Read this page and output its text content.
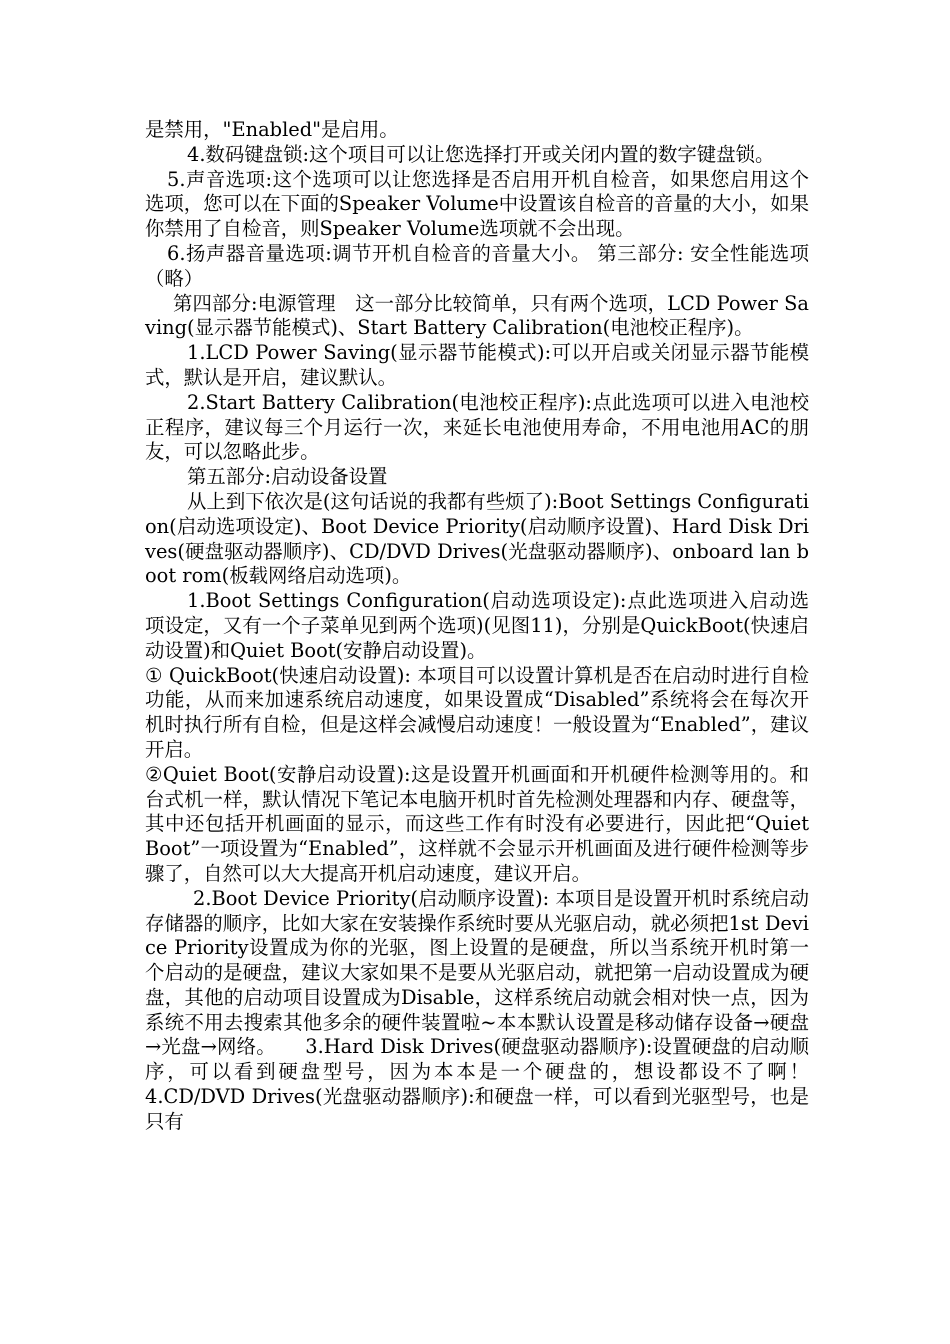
是禁用，"Enabled"是启用。

4.数码键盘锁:这个项目可以让您选择打开或关闭内置的数字键盘锁。

5.声音选项:这个选项可以让您选择是否启用开机自检音，如果您启用这个选项，您可以在下面的Speaker Volume中设置该自检音的音量的大小，如果你禁用了自检音，则Speaker Volume选项就不会出现。

6.扬声器音量选项:调节开机自检音的音量大小。 第三部分: 安全性能选项（略）

第四部分:电源管理　这一部分比较简单，只有两个选项，LCD Power Saving(显示器节能模式)、Start Battery Calibration(电池校正程序)。

1.LCD Power Saving(显示器节能模式):可以开启或关闭显示器节能模式，默认是开启，建议默认。

2.Start Battery Calibration(电池校正程序):点此选项可以进入电池校正程序，建议每三个月运行一次，来延长电池使用寿命，不用电池用AC的朋友，可以忽略此步。

第五部分:启动设备设置

从上到下依次是(这句话说的我都有些烦了):Boot Settings Configuration(启动选项设定)、Boot Device Priority(启动顺序设置)、Hard Disk Drives(硬盘驱动器顺序)、CD/DVD Drives(光盘驱动器顺序)、onboard lan boot rom(板载网络启动选项)。

1.Boot Settings Configuration(启动选项设定):点此选项进入启动选项设定，又有一个子菜单见到两个选项)(见图11)，分别是QuickBoot(快速启动设置)和Quiet Boot(安静启动设置)。

① QuickBoot(快速启动设置): 本项目可以设置计算机是否在启动时进行自检功能，从而来加速系统启动速度，如果设置成“Disabled”系统将会在每次开机时执行所有自检，但是这样会减慢启动速度！一般设置为“Enabled”，建议开启。

②Quiet Boot(安静启动设置):这是设置开机画面和开机硬件检测等用的。和台式机一样，默认情况下笔记本电脑开机时首先检测处理器和内存、硬盘等，其中还包括开机画面的显示，而这些工作有时没有必要进行，因此把“Quiet Boot”一项设置为“Enabled”，这样就不会显示开机画面及进行硬件检测等步骤了，自然可以大大提高开机启动速度，建议开启。

2.Boot Device Priority(启动顺序设置): 本项目是设置开机时系统启动存储器的顺序，比如大家在安装操作系统时要从光驱启动，就必须把1st Device Priority设置成为你的光驱，图上设置的是硬盘，所以当系统开机时第一个启动的是硬盘，建议大家如果不是要从光驱启动，就把第一启动设置成为硬盘，其他的启动项目设置成为Disable，这样系统启动就会相对快一点，因为系统不用去搜索其他多余的硬件装置啦~本本默认设置是移动储存设备→硬盘→光盘→网络。　　3.Hard Disk Drives(硬盘驱动器顺序):设置硬盘的启动顺序，可以看到硬盘型号，因为本本是一个硬盘的，想设都设不了啊！　　　　4.CD/DVD Drives(光盘驱动器顺序):和硬盘一样，可以看到光驱型号，也是只有
